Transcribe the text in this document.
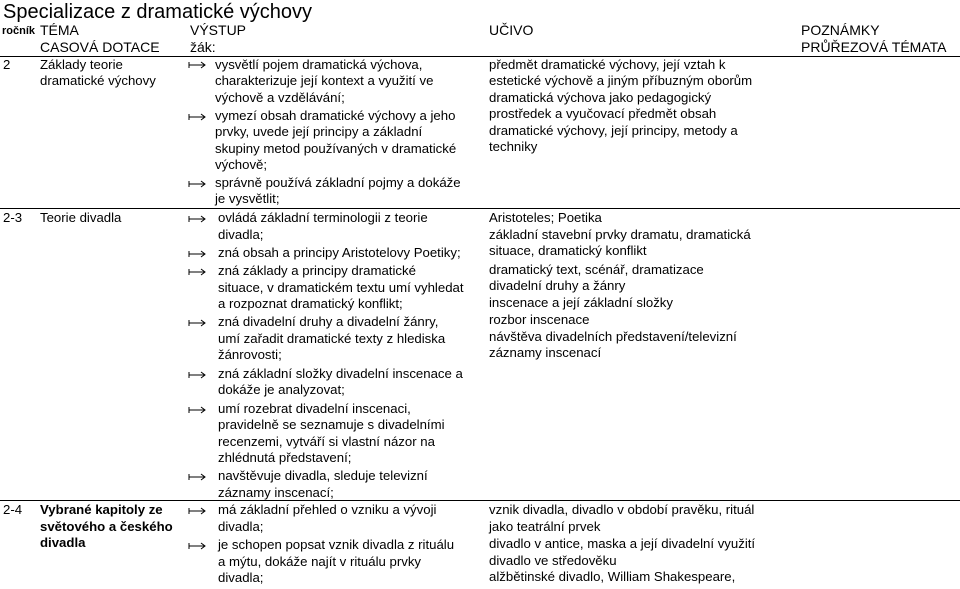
Specializace z dramatické výchovy
ročník TÉMA
CASOVÁ DOTACE
VÝSTUP
žák:
UČIVO	POZNÁMKY
PRŮŘEZOVÁ TÉMATA
2 Základy teorie
dramatické výchovy
vysvětlí pojem dramatická výchova,
charakterizuje její kontext a využití ve
výchově a vzdělávání;
vymezí obsah dramatické výchovy a jeho
prvky, uvede její principy a základní
skupiny metod používaných v dramatické
výchově;
správně používá základní pojmy a dokáže
je vysvětlit;
předmět dramatické výchovy, její vztah k
estetické výchově a jiným příbuzným oborům
dramatická výchova jako pedagogický
prostředek a vyučovací předmět obsah
dramatické výchovy, její principy, metody a
techniky
2-3 Teorie divadla	ovládá základní terminologii z teorie
divadla;
zná obsah a principy Aristotelovy Poetiky;
zná základy a principy dramatické
situace, v dramatickém textu umí vyhledat
a rozpoznat dramatický konflikt;
zná divadelní druhy a divadelní žánry,
umí zařadit dramatické texty z hlediska
žánrovosti;
zná základní složky divadelní inscenace a
dokáže je analyzovat;
umí rozebrat divadelní inscenaci,
pravidelně se seznamuje s divadelními
recenzemi, vytváří si vlastní názor na
zhlédnutá představení;
navštěvuje divadla, sleduje televizní
záznamy inscenací;
Aristoteles; Poetika
základní stavební prvky dramatu, dramatická
situace, dramatický konflikt
dramatický text, scénář, dramatizace
divadelní druhy a žánry
inscenace a její základní složky
rozbor inscenace
návštěva divadelních představení/televizní
záznamy inscenací
2-4 Vybrané kapitoly ze
světového a českého
divadla
má základní přehled o vzniku a vývoji
divadla;
je schopen popsat vznik divadla z rituálu
a mýtu, dokáže najít v rituálu prvky
divadla;
vznik divadla, divadlo v období pravěku, rituál
jako teatrální prvek
divadlo v antice, maska a její divadelní využití
divadlo ve středověku
alžbětinské divadlo, William Shakespeare,
